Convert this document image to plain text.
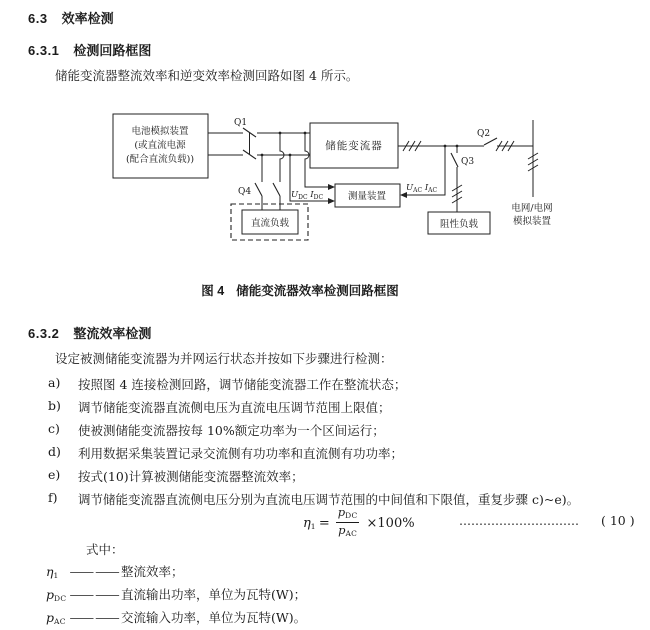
6.3 效率检测
6.3.1 检测回路框图
储能变流器整流效率和逆变效率检测回路如图 4 所示。
电池模拟装置
(或直流电源
(配合直流负载))
储能变流器
测量装置
直流负载	阻性负载
Q1
Q4	$U_{DC}$ $I_{DC}$
Q2
$U_{AC}$ $I_{AC}$
Q3
电网/电网
模拟装置
图 4 储能变流器效率检测回路框图
6.3.2 整流效率检测
设定被测储能变流器为并网运行状态并按如下步骤进行检测：
a)	按照图 4 连接检测回路，调节储能变流器工作在整流状态；
b)	调节储能变流器直流侧电压为直流电压调节范围上限值；
c)	使被测储能变流器按每 10%额定功率为一个区间运行；
d)	利用数据采集装置记录交流侧有功功率和直流侧有功功率；
e)	按式(10)计算被测储能变流器整流效率；
f)	调节储能变流器直流侧电压分别为直流电压调节范围的中间值和下限值，重复步骤 c)~e)。
$\eta_1 = \frac{p_{DC}}{p_{AC}} \times 100\%$	…………………………	( 10 )
式中：
$\eta_1$ —— 整流效率；
$p_{DC}$ —— 直流输出功率，单位为瓦特(W)；
$p_{AC}$ —— 交流输入功率，单位为瓦特(W)。
